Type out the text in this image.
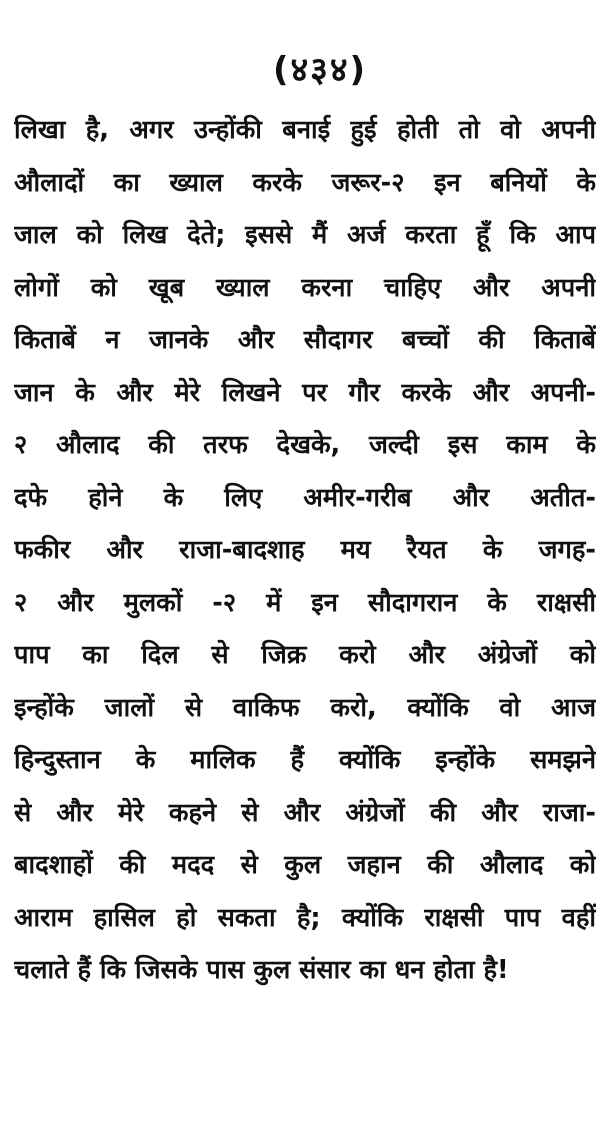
(४३४)
लिखा है, अगर उन्होंकी बनाई हुई होती तो वो अपनी
औलादों का ख्याल करके जरूर-२ इन बनियों के
जाल को लिख देते; इससे मैं अर्ज करता हूँ कि आप
लोगों को खूब ख्याल करना चाहिए और अपनी
किताबें न जानके और सौदागर बच्चों की किताबें
जान के और मेरे लिखने पर गौर करके और अपनी-
२ औलाद की तरफ देखके, जल्दी इस काम के
दफे होने के लिए अमीर-गरीब और अतीत-
फकीर और राजा-बादशाह मय रैयत के जगह-
२ और मुलकों -२ में इन सौदागरान के राक्षसी
पाप का दिल से जिक्र करो और अंग्रेजों को
इन्होंके जालों से वाकिफ करो, क्योंकि वो आज
हिन्दुस्तान के मालिक हैं क्योंकि इन्होंके समझने
से और मेरे कहने से और अंग्रेजों की और राजा-
बादशाहों की मदद से कुल जहान की औलाद को
आराम हासिल हो सकता है; क्योंकि राक्षसी पाप वहीं
चलाते हैं कि जिसके पास कुल संसार का धन होता है!
